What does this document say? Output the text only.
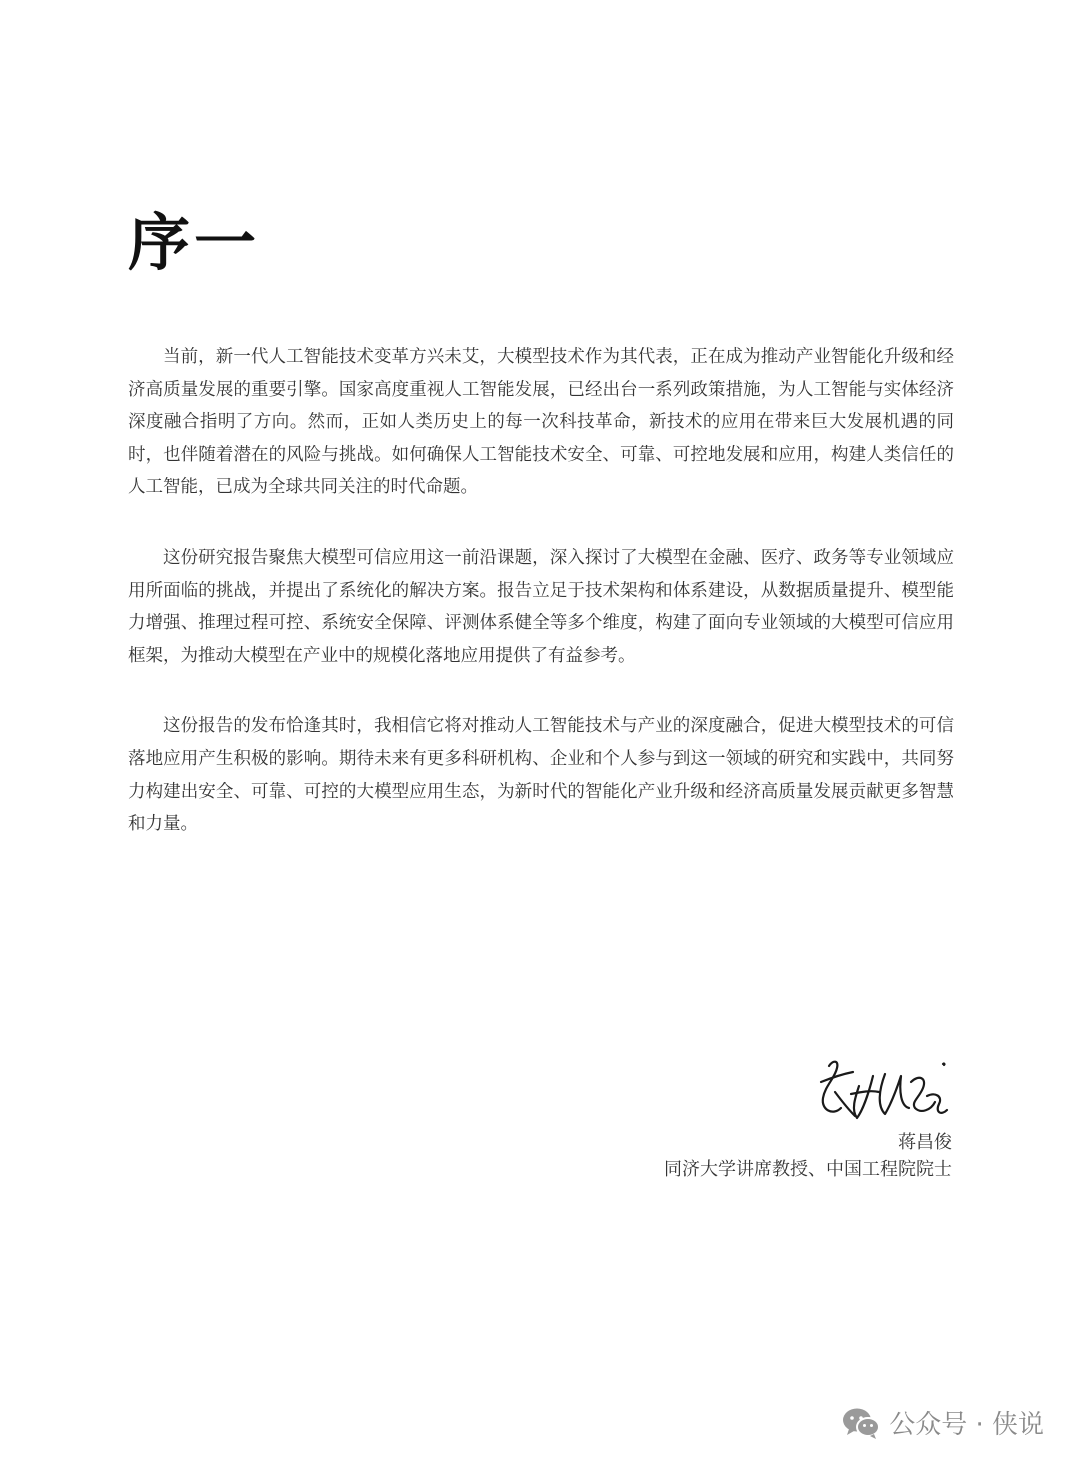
序一

当前，新一代人工智能技术变革方兴未艾，大模型技术作为其代表，正在成为推动产业智能化升级和经济高质量发展的重要引擎。国家高度重视人工智能发展，已经出台一系列政策措施，为人工智能与实体经济深度融合指明了方向。然而，正如人类历史上的每一次科技革命，新技术的应用在带来巨大发展机遇的同时，也伴随着潜在的风险与挑战。如何确保人工智能技术安全、可靠、可控地发展和应用，构建人类信任的人工智能，已成为全球共同关注的时代命题。

这份研究报告聚焦大模型可信应用这一前沿课题，深入探讨了大模型在金融、医疗、政务等专业领域应用所面临的挑战，并提出了系统化的解决方案。报告立足于技术架构和体系建设，从数据质量提升、模型能力增强、推理过程可控、系统安全保障、评测体系健全等多个维度，构建了面向专业领域的大模型可信应用框架，为推动大模型在产业中的规模化落地应用提供了有益参考。

这份报告的发布恰逢其时，我相信它将对推动人工智能技术与产业的深度融合，促进大模型技术的可信落地应用产生积极的影响。期待未来有更多科研机构、企业和个人参与到这一领域的研究和实践中，共同努力构建出安全、可靠、可控的大模型应用生态，为新时代的智能化产业升级和经济高质量发展贡献更多智慧和力量。

蒋昌俊
同济大学讲席教授、中国工程院院士
公众号 · 侠说
